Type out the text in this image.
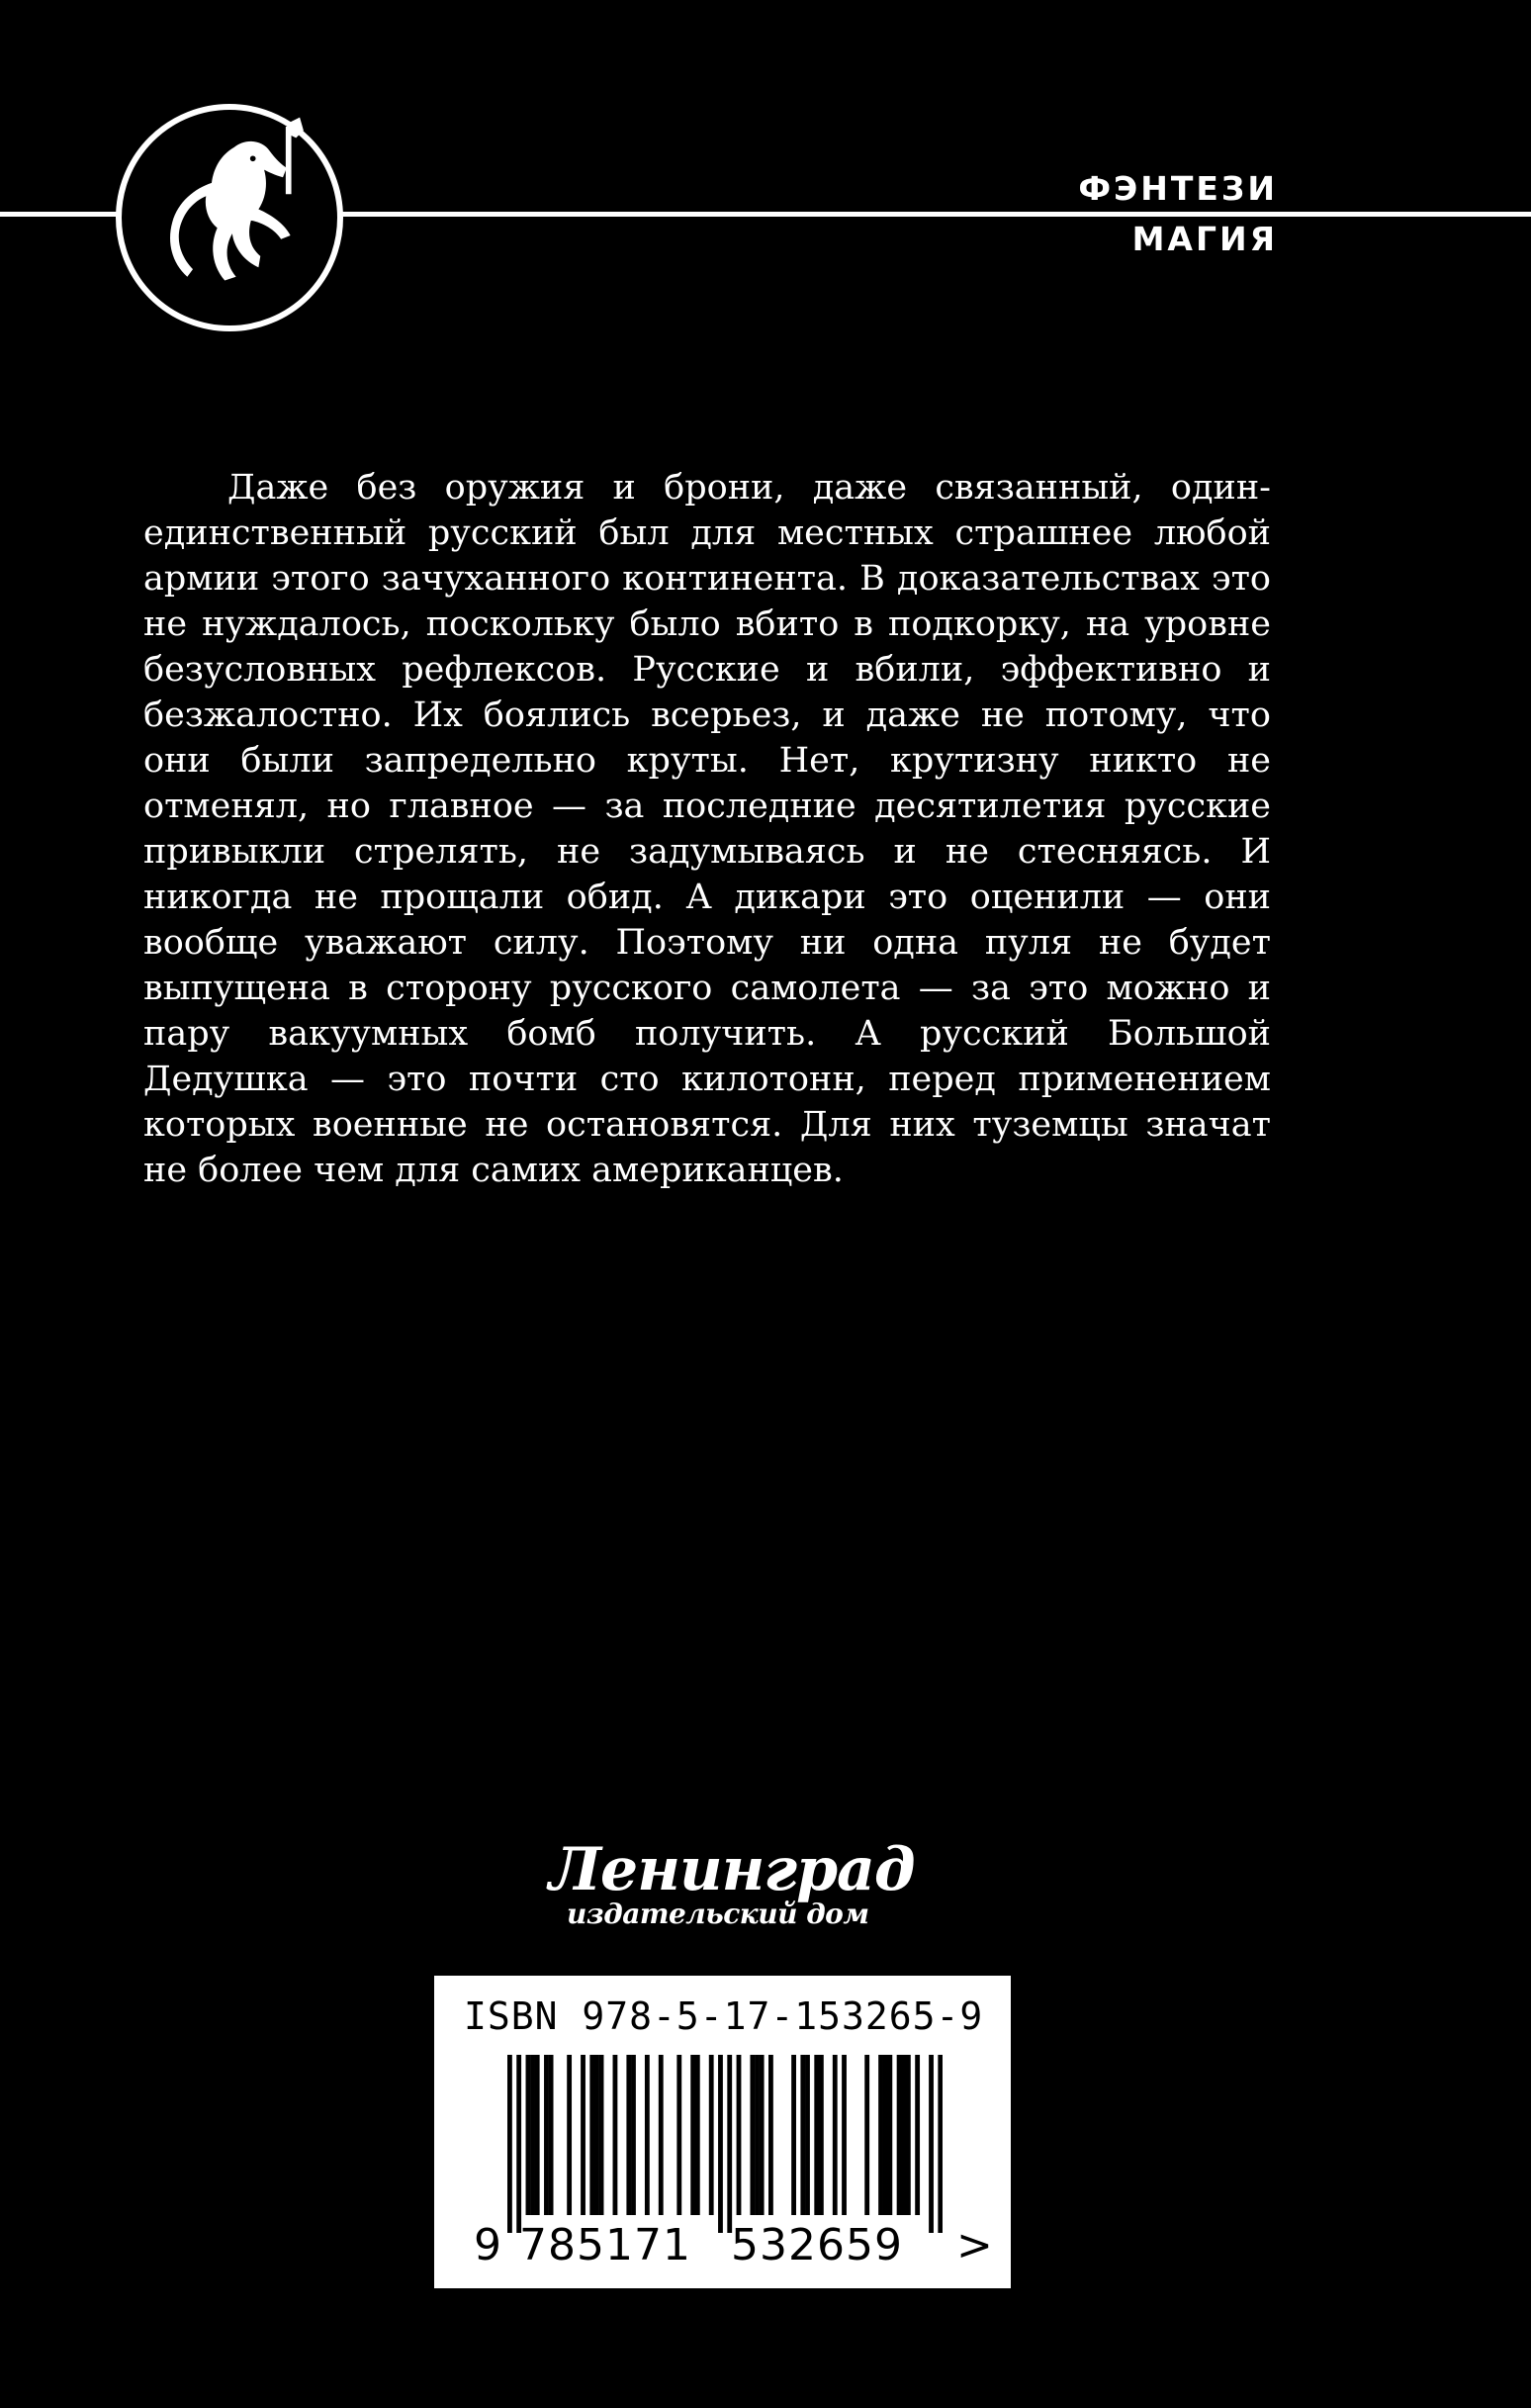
ФЭНТЕЗИ
МАГИЯ

Даже без оружия и брони, даже связанный, один-единственный русский был для местных страшнее любой армии этого зачуханного континента. В доказательствах это не нуждалось, поскольку было вбито в подкорку, на уровне безусловных рефлексов. Русские и вбили, эффективно и безжалостно. Их боялись всерьез, и даже не потому, что они были запредельно круты. Нет, крутизну никто не отменял, но главное — за последние десятилетия русские привыкли стрелять, не задумываясь и не стесняясь. И никогда не прощали обид. А дикари это оценили — они вообще уважают силу. Поэтому ни одна пуля не будет выпущена в сторону русского самолета — за это можно и пару вакуумных бомб получить. А русский Большой Дедушка — это почти сто килотонн, перед применением которых военные не остановятся. Для них туземцы значат не более чем для самих американцев.

Ленинград
издательский дом
ISBN 978-5-17-153265-9
9 785171 532659 >
